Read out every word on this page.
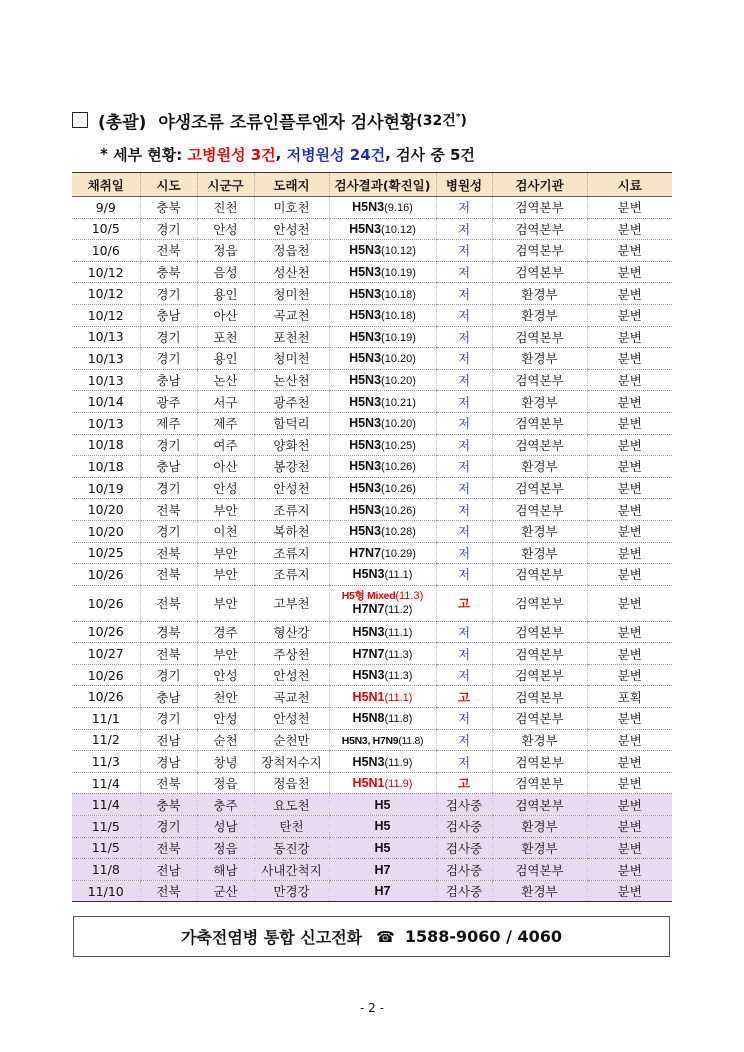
(총괄)
야생조류 조류인플루엔자 검사현황 (32건*)
*
세부 현황:
고병원성 3건 ,
저병원성 24건 ,
검사 중 5건
채취일	시도	시군구	도래지	검사결과(확진일)	병원성	검사기관	시료
9/9	충북	진천	미호천	H5N3(9.16)	저	검역본부	분변
10/5	경기	안성	안성천	H5N3(10.12)	저	검역본부	분변
10/6	전북	정읍	정읍천	H5N3(10.12)	저	검역본부	분변
10/12	충북	음성	성산천	H5N3(10.19)	저	검역본부	분변
10/12	경기	용인	청미천	H5N3(10.18)	저	환경부	분변
10/12	충남	아산	곡교천	H5N3(10.18)	저	환경부	분변
10/13	경기	포천	포천천	H5N3(10.19)	저	검역본부	분변
10/13	경기	용인	청미천	H5N3(10.20)	저	환경부	분변
10/13	충남	논산	논산천	H5N3(10.20)	저	검역본부	분변
10/14	광주	서구	광주천	H5N3(10.21)	저	환경부	분변
10/13	제주	제주	함덕리	H5N3(10.20)	저	검역본부	분변
10/18	경기	여주	양화천	H5N3(10.25)	저	검역본부	분변
10/18	충남	아산	봉강천	H5N3(10.26)	저	환경부	분변
10/19	경기	안성	안성천	H5N3(10.26)	저	검역본부	분변
10/20	전북	부안	조류지	H5N3(10.26)	저	검역본부	분변
10/20	경기	이천	복하천	H5N3(10.28)	저	환경부	분변
10/25	전북	부안	조류지	H7N7(10.29)	저	환경부	분변
10/26	전북	부안	조류지	H5N3(11.1)	저	검역본부	분변
10/26	전북	부안	고부천	H5형 Mixed(11.3)
H7N7(11.2)	고	검역본부	분변
10/26	경북	경주	형산강	H5N3(11.1)	저	검역본부	분변
10/27	전북	부안	주상천	H7N7(11.3)	저	검역본부	분변
10/26	경기	안성	안성천	H5N3(11.3)	저	검역본부	분변
10/26	충남	천안	곡교천	H5N1(11.1)	고	검역본부	포획
11/1	경기	안성	안성천	H5N8(11.8)	저	검역본부	분변
11/2	전남	순천	순천만	H5N3, H7N9(11.8)	저	환경부	분변
11/3	경남	창녕	장척저수지	H5N3(11.9)	저	검역본부	분변
11/4	전북	정읍	정읍천	H5N1(11.9)	고	검역본부	분변
11/4	충북	충주	요도천	H5	검사중	검역본부	분변
11/5	경기	성남	탄천	H5	검사중	환경부	분변
11/5	전북	정읍	동진강	H5	검사중	환경부	분변
11/8	전남	해남	사내간척지	H7	검사중	검역본부	분변
11/10	전북	군산	만경강	H7	검사중	환경부	분변
가축전염병 통합 신고전화 ☎ 1588-9060 / 4060
- 2 -
